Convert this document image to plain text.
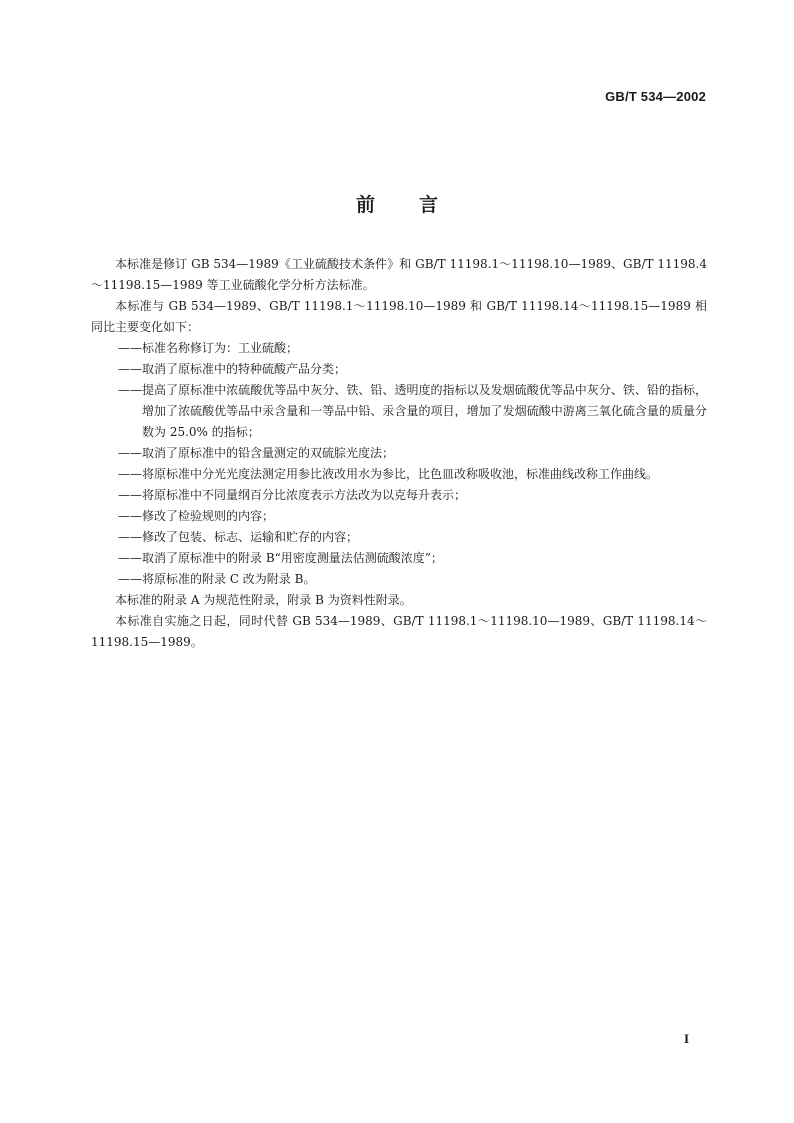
GB/T 534—2002
前言

本标准是修订 GB 534—1989《工业硫酸技术条件》和 GB/T 11198.1～11198.10—1989、GB/T 11198.4～11198.15—1989 等工业硫酸化学分析方法标准。

本标准与 GB 534—1989、GB/T 11198.1～11198.10—1989 和 GB/T 11198.14～11198.15—1989 相同比主要变化如下：

——标准名称修订为：工业硫酸；

——取消了原标准中的特种硫酸产品分类；

——提高了原标准中浓硫酸优等品中灰分、铁、铅、透明度的指标以及发烟硫酸优等品中灰分、铁、铅的指标，增加了浓硫酸优等品中汞含量和一等品中铅、汞含量的项目，增加了发烟硫酸中游离三氧化硫含量的质量分数为 25.0% 的指标；

——取消了原标准中的铅含量测定的双硫腙光度法；

——将原标准中分光光度法测定用参比液改用水为参比，比色皿改称吸收池，标准曲线改称工作曲线。

——将原标准中不同量纲百分比浓度表示方法改为以克每升表示；

——修改了检验规则的内容；

——修改了包装、标志、运输和贮存的内容；

——取消了原标准中的附录 B“用密度测量法估测硫酸浓度”；

——将原标准的附录 C 改为附录 B。

本标准的附录 A 为规范性附录，附录 B 为资料性附录。

本标准自实施之日起，同时代替 GB 534—1989、GB/T 11198.1～11198.10—1989、GB/T 11198.14～11198.15—1989。

I
